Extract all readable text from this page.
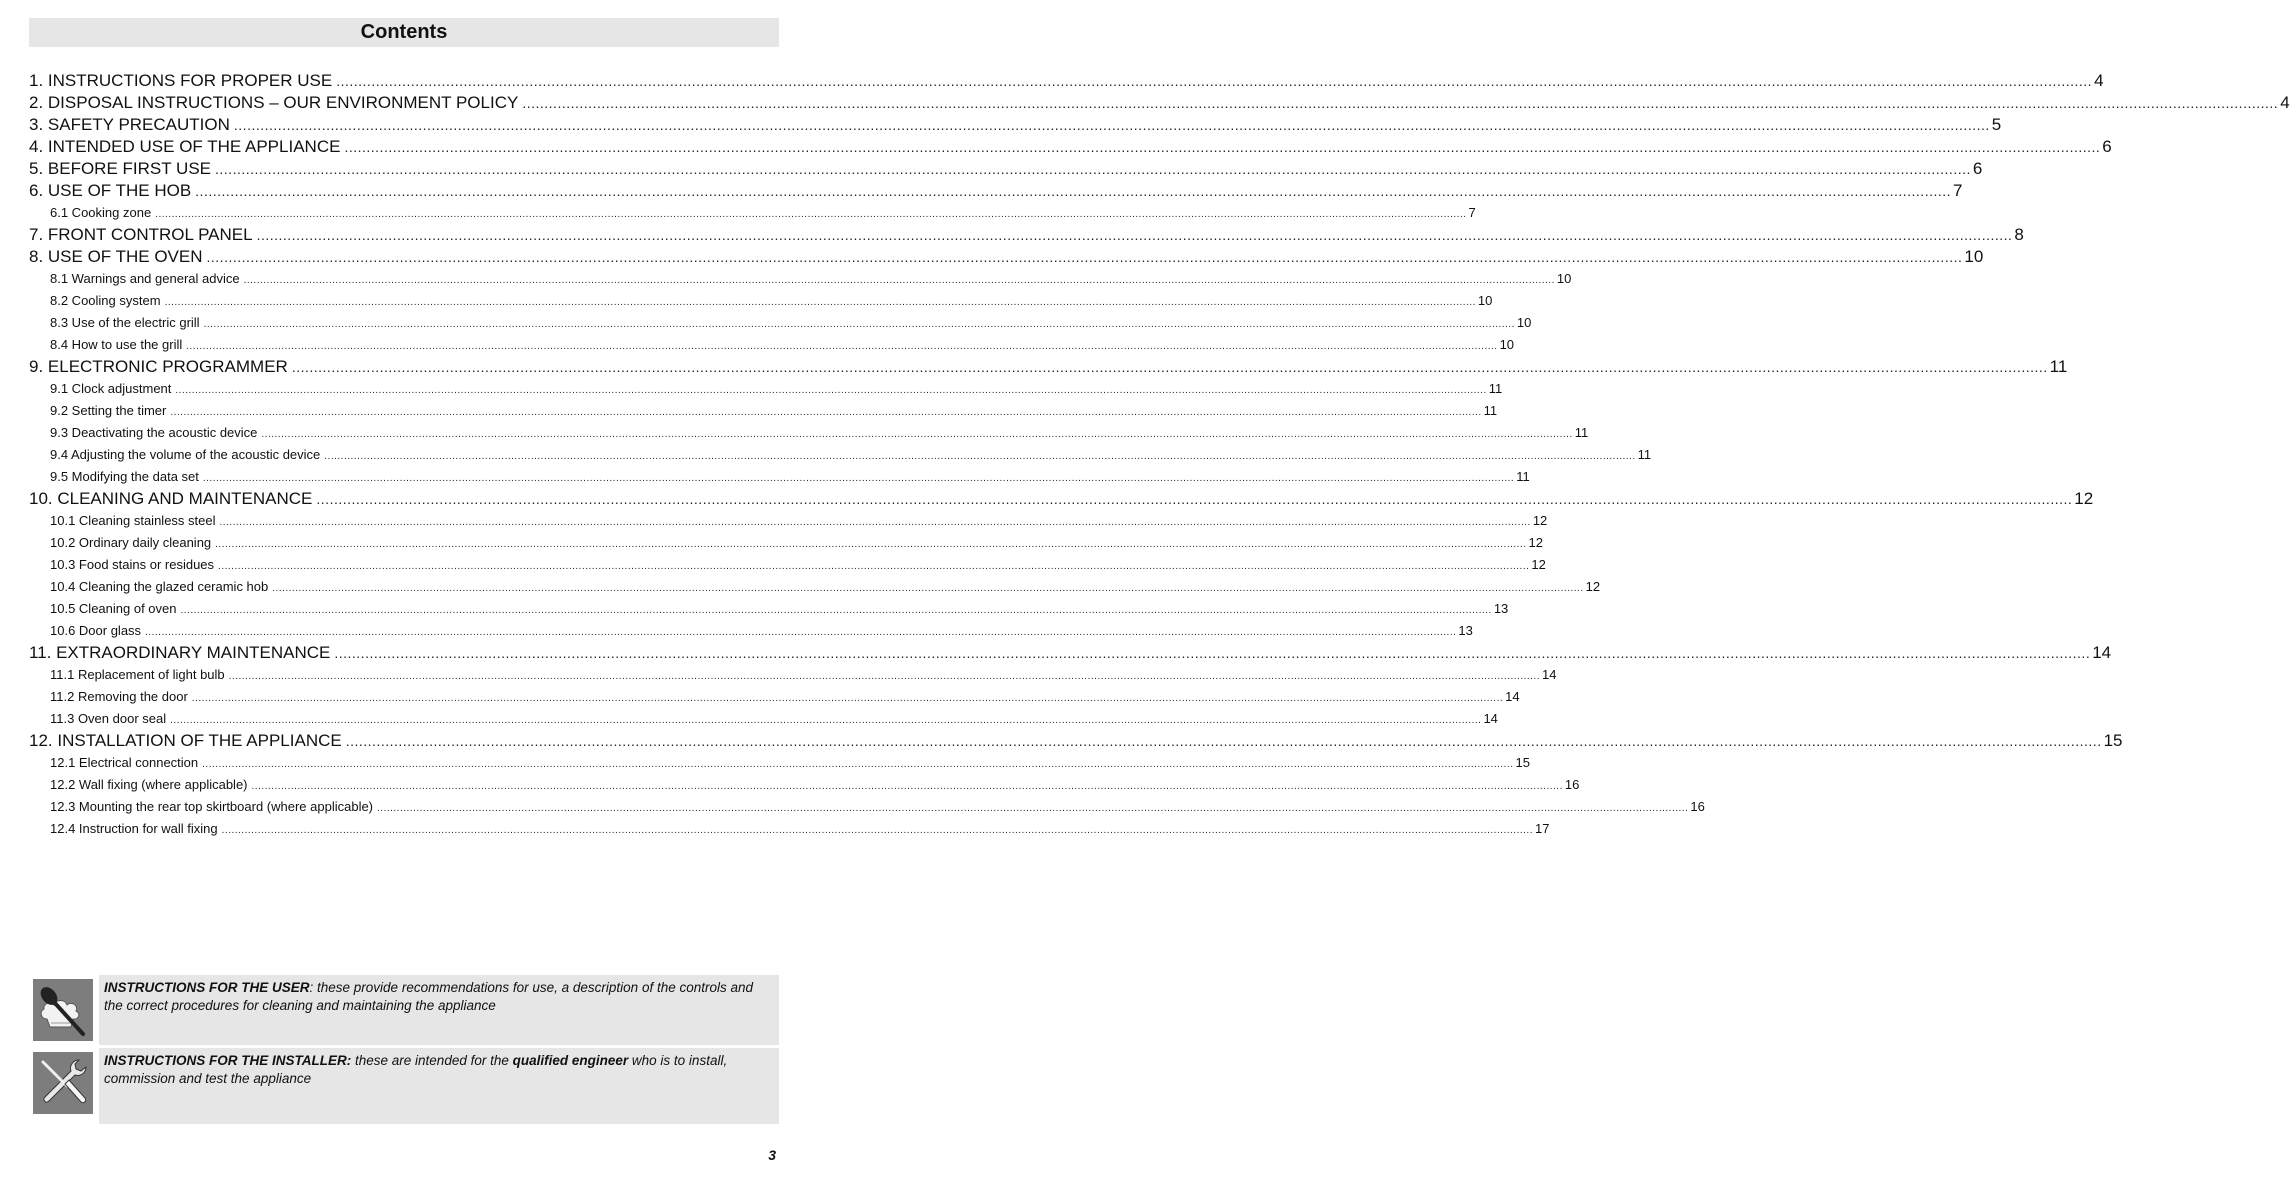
Contents
1. INSTRUCTIONS FOR PROPER USE ................................................................................................................................................................................................................................................................................................................................................................................................................ 4
2. DISPOSAL INSTRUCTIONS – OUR ENVIRONMENT POLICY ................................................................................................................................................................................................................................................................................................................................................................................................................ 4
3. SAFETY PRECAUTION ................................................................................................................................................................................................................................................................................................................................................................................................................ 5
4. INTENDED USE OF THE APPLIANCE ................................................................................................................................................................................................................................................................................................................................................................................................................ 6
5. BEFORE FIRST USE ................................................................................................................................................................................................................................................................................................................................................................................................................ 6
6. USE OF THE HOB ................................................................................................................................................................................................................................................................................................................................................................................................................ 7
6.1 Cooking zone ................................................................................................................................................................................................................................................................................................................................................................................................................ 7
7. FRONT CONTROL PANEL ................................................................................................................................................................................................................................................................................................................................................................................................................ 8
8. USE OF THE OVEN ................................................................................................................................................................................................................................................................................................................................................................................................................ 10
8.1 Warnings and general advice ................................................................................................................................................................................................................................................................................................................................................................................................................ 10
8.2 Cooling system ................................................................................................................................................................................................................................................................................................................................................................................................................ 10
8.3 Use of the electric grill ................................................................................................................................................................................................................................................................................................................................................................................................................ 10
8.4 How to use the grill ................................................................................................................................................................................................................................................................................................................................................................................................................ 10
9. ELECTRONIC PROGRAMMER ................................................................................................................................................................................................................................................................................................................................................................................................................ 11
9.1 Clock adjustment ................................................................................................................................................................................................................................................................................................................................................................................................................ 11
9.2 Setting the timer ................................................................................................................................................................................................................................................................................................................................................................................................................ 11
9.3 Deactivating the acoustic device ................................................................................................................................................................................................................................................................................................................................................................................................................ 11
9.4 Adjusting the volume of the acoustic device ................................................................................................................................................................................................................................................................................................................................................................................................................ 11
9.5 Modifying the data set ................................................................................................................................................................................................................................................................................................................................................................................................................ 11
10. CLEANING AND MAINTENANCE ................................................................................................................................................................................................................................................................................................................................................................................................................ 12
10.1 Cleaning stainless steel ................................................................................................................................................................................................................................................................................................................................................................................................................ 12
10.2 Ordinary daily cleaning ................................................................................................................................................................................................................................................................................................................................................................................................................ 12
10.3 Food stains or residues ................................................................................................................................................................................................................................................................................................................................................................................................................ 12
10.4 Cleaning the glazed ceramic hob ................................................................................................................................................................................................................................................................................................................................................................................................................ 12
10.5 Cleaning of oven ................................................................................................................................................................................................................................................................................................................................................................................................................ 13
10.6 Door glass ................................................................................................................................................................................................................................................................................................................................................................................................................ 13
11. EXTRAORDINARY MAINTENANCE ................................................................................................................................................................................................................................................................................................................................................................................................................ 14
11.1 Replacement of light bulb ................................................................................................................................................................................................................................................................................................................................................................................................................ 14
11.2 Removing the door ................................................................................................................................................................................................................................................................................................................................................................................................................ 14
11.3 Oven door seal ................................................................................................................................................................................................................................................................................................................................................................................................................ 14
12. INSTALLATION OF THE APPLIANCE ................................................................................................................................................................................................................................................................................................................................................................................................................ 15
12.1 Electrical connection ................................................................................................................................................................................................................................................................................................................................................................................................................ 15
12.2 Wall fixing (where applicable) ................................................................................................................................................................................................................................................................................................................................................................................................................ 16
12.3 Mounting the rear top skirtboard (where applicable) ................................................................................................................................................................................................................................................................................................................................................................................................................ 16
12.4 Instruction for wall fixing ................................................................................................................................................................................................................................................................................................................................................................................................................ 17
INSTRUCTIONS FOR THE USER: these provide recommendations for use, a description of the controls and the correct procedures for cleaning and maintaining the appliance
INSTRUCTIONS FOR THE INSTALLER: these are intended for the qualified engineer who is to install, commission and test the appliance
3
